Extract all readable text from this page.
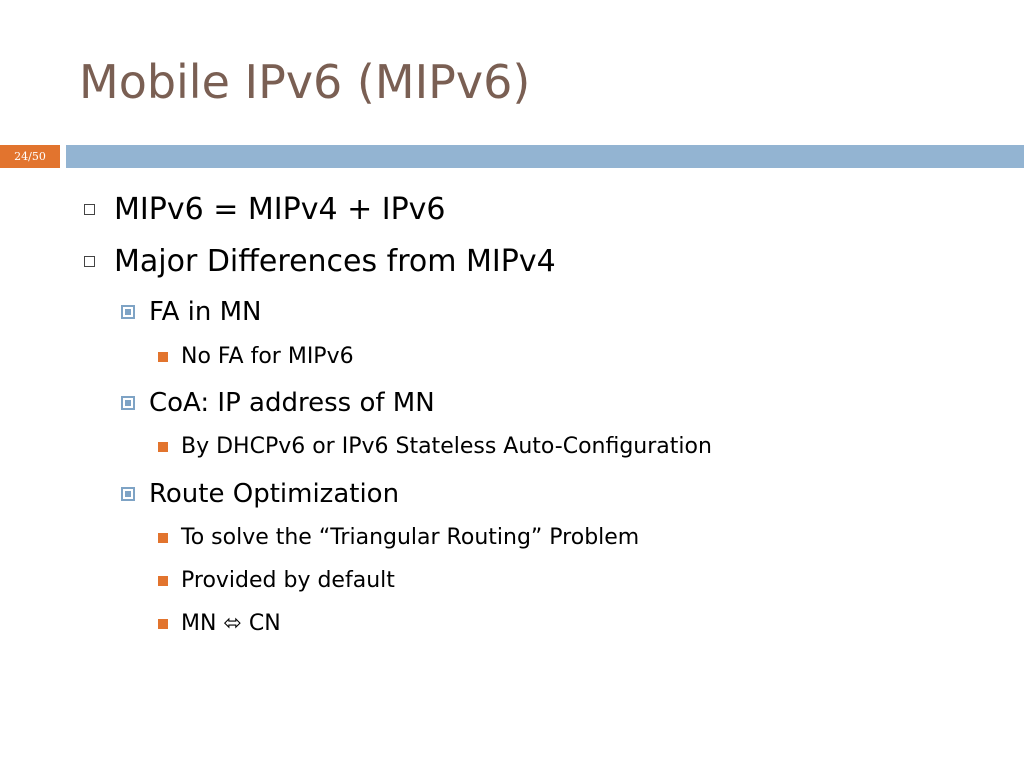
Mobile IPv6 (MIPv6)
24/50
MIPv6 = MIPv4 + IPv6
Major Differences from MIPv4
FA in MN
No FA for MIPv6
CoA: IP address of MN
By DHCPv6 or IPv6 Stateless Auto-Configuration
Route Optimization
To solve the “Triangular Routing” Problem
Provided by default
MN ⬄ CN
